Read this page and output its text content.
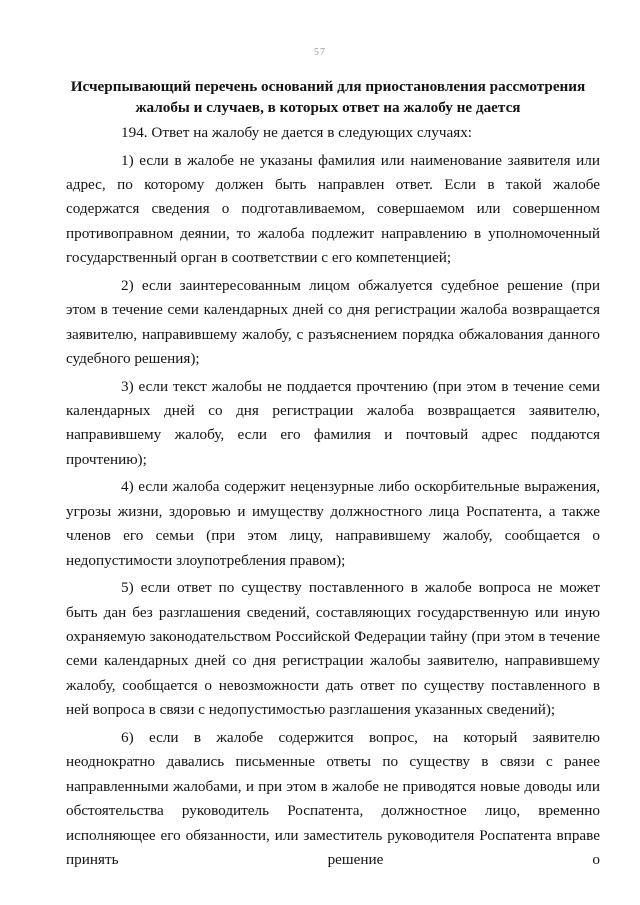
57
Исчерпывающий перечень оснований для приостановления рассмотрения жалобы и случаев, в которых ответ на жалобу не дается

194. Ответ на жалобу не дается в следующих случаях:

1) если в жалобе не указаны фамилия или наименование заявителя или адрес, по которому должен быть направлен ответ. Если в такой жалобе содержатся сведения о подготавливаемом, совершаемом или совершенном противоправном деянии, то жалоба подлежит направлению в уполномоченный государственный орган в соответствии с его компетенцией;

2) если заинтересованным лицом обжалуется судебное решение (при этом в течение семи календарных дней со дня регистрации жалоба возвращается заявителю, направившему жалобу, с разъяснением порядка обжалования данного судебного решения);

3) если текст жалобы не поддается прочтению (при этом в течение семи календарных дней со дня регистрации жалоба возвращается заявителю, направившему жалобу, если его фамилия и почтовый адрес поддаются прочтению);

4) если жалоба содержит нецензурные либо оскорбительные выражения, угрозы жизни, здоровью и имуществу должностного лица Роспатента, а также членов его семьи (при этом лицу, направившему жалобу, сообщается о недопустимости злоупотребления правом);

5) если ответ по существу поставленного в жалобе вопроса не может быть дан без разглашения сведений, составляющих государственную или иную охраняемую законодательством Российской Федерации тайну (при этом в течение семи календарных дней со дня регистрации жалобы заявителю, направившему жалобу, сообщается о невозможности дать ответ по существу поставленного в ней вопроса в связи с недопустимостью разглашения указанных сведений);

6) если в жалобе содержится вопрос, на который заявителю неоднократно давались письменные ответы по существу в связи с ранее направленными жалобами, и при этом в жалобе не приводятся новые доводы или обстоятельства руководитель Роспатента, должностное лицо, временно исполняющее его обязанности, или заместитель руководителя Роспатента вправе принять решение о
